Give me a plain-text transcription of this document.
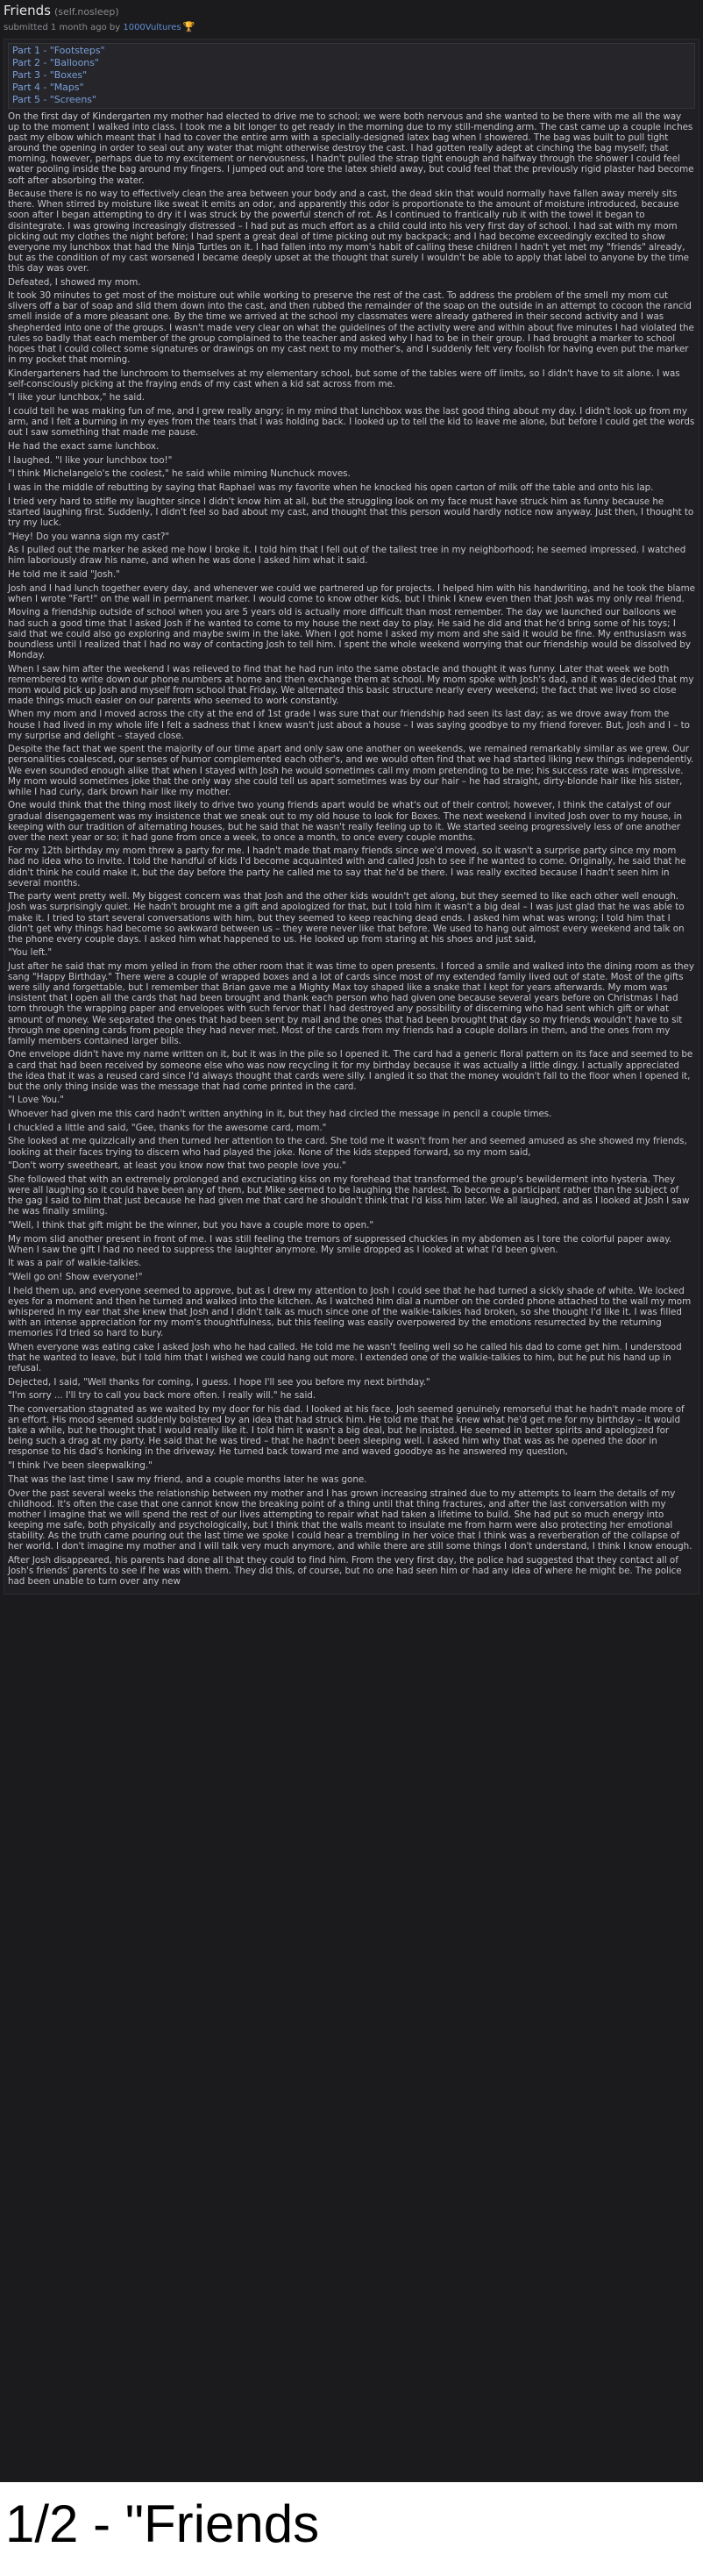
Friends (self.nosleep)
submitted 1 month ago by 1000Vultures 🏆
Part 1 - "Footsteps"
Part 2 - "Balloons"
Part 3 - "Boxes"
Part 4 - "Maps"
Part 5 - "Screens"

On the first day of Kindergarten my mother had elected to drive me to school; we were both nervous and she wanted to be there with me all the way up to the moment I walked into class. I took me a bit longer to get ready in the morning due to my still-mending arm. The cast came up a couple inches past my elbow which meant that I had to cover the entire arm with a specially-designed latex bag when I showered. The bag was built to pull tight around the opening in order to seal out any water that might otherwise destroy the cast. I had gotten really adept at cinching the bag myself; that morning, however, perhaps due to my excitement or nervousness, I hadn't pulled the strap tight enough and halfway through the shower I could feel water pooling inside the bag around my fingers. I jumped out and tore the latex shield away, but could feel that the previously rigid plaster had become soft after absorbing the water.

Because there is no way to effectively clean the area between your body and a cast, the dead skin that would normally have fallen away merely sits there. When stirred by moisture like sweat it emits an odor, and apparently this odor is proportionate to the amount of moisture introduced, because soon after I began attempting to dry it I was struck by the powerful stench of rot. As I continued to frantically rub it with the towel it began to disintegrate. I was growing increasingly distressed – I had put as much effort as a child could into his very first day of school. I had sat with my mom picking out my clothes the night before; I had spent a great deal of time picking out my backpack; and I had become exceedingly excited to show everyone my lunchbox that had the Ninja Turtles on it. I had fallen into my mom's habit of calling these children I hadn't yet met my "friends" already, but as the condition of my cast worsened I became deeply upset at the thought that surely I wouldn't be able to apply that label to anyone by the time this day was over.

Defeated, I showed my mom.

It took 30 minutes to get most of the moisture out while working to preserve the rest of the cast. To address the problem of the smell my mom cut slivers off a bar of soap and slid them down into the cast, and then rubbed the remainder of the soap on the outside in an attempt to cocoon the rancid smell inside of a more pleasant one. By the time we arrived at the school my classmates were already gathered in their second activity and I was shepherded into one of the groups. I wasn't made very clear on what the guidelines of the activity were and within about five minutes I had violated the rules so badly that each member of the group complained to the teacher and asked why I had to be in their group. I had brought a marker to school hopes that I could collect some signatures or drawings on my cast next to my mother's, and I suddenly felt very foolish for having even put the marker in my pocket that morning.

Kindergarteners had the lunchroom to themselves at my elementary school, but some of the tables were off limits, so I didn't have to sit alone. I was self-consciously picking at the fraying ends of my cast when a kid sat across from me.

"I like your lunchbox," he said.

I could tell he was making fun of me, and I grew really angry; in my mind that lunchbox was the last good thing about my day. I didn't look up from my arm, and I felt a burning in my eyes from the tears that I was holding back. I looked up to tell the kid to leave me alone, but before I could get the words out I saw something that made me pause.

He had the exact same lunchbox.

I laughed. "I like your lunchbox too!"

"I think Michelangelo's the coolest," he said while miming Nunchuck moves.

I was in the middle of rebutting by saying that Raphael was my favorite when he knocked his open carton of milk off the table and onto his lap.

I tried very hard to stifle my laughter since I didn't know him at all, but the struggling look on my face must have struck him as funny because he started laughing first. Suddenly, I didn't feel so bad about my cast, and thought that this person would hardly notice now anyway. Just then, I thought to try my luck.

"Hey! Do you wanna sign my cast?"

As I pulled out the marker he asked me how I broke it. I told him that I fell out of the tallest tree in my neighborhood; he seemed impressed. I watched him laboriously draw his name, and when he was done I asked him what it said.

He told me it said "Josh."

Josh and I had lunch together every day, and whenever we could we partnered up for projects. I helped him with his handwriting, and he took the blame when I wrote "Fart!" on the wall in permanent marker. I would come to know other kids, but I think I knew even then that Josh was my only real friend.

Moving a friendship outside of school when you are 5 years old is actually more difficult than most remember. The day we launched our balloons we had such a good time that I asked Josh if he wanted to come to my house the next day to play. He said he did and that he'd bring some of his toys; I said that we could also go exploring and maybe swim in the lake. When I got home I asked my mom and she said it would be fine. My enthusiasm was boundless until I realized that I had no way of contacting Josh to tell him. I spent the whole weekend worrying that our friendship would be dissolved by Monday.

When I saw him after the weekend I was relieved to find that he had run into the same obstacle and thought it was funny. Later that week we both remembered to write down our phone numbers at home and then exchange them at school. My mom spoke with Josh's dad, and it was decided that my mom would pick up Josh and myself from school that Friday. We alternated this basic structure nearly every weekend; the fact that we lived so close made things much easier on our parents who seemed to work constantly.

When my mom and I moved across the city at the end of 1st grade I was sure that our friendship had seen its last day; as we drove away from the house I had lived in my whole life I felt a sadness that I knew wasn't just about a house – I was saying goodbye to my friend forever. But, Josh and I – to my surprise and delight – stayed close.

Despite the fact that we spent the majority of our time apart and only saw one another on weekends, we remained remarkably similar as we grew. Our personalities coalesced, our senses of humor complemented each other's, and we would often find that we had started liking new things independently. We even sounded enough alike that when I stayed with Josh he would sometimes call my mom pretending to be me; his success rate was impressive. My mom would sometimes joke that the only way she could tell us apart sometimes was by our hair – he had straight, dirty-blonde hair like his sister, while I had curly, dark brown hair like my mother.

One would think that the thing most likely to drive two young friends apart would be what's out of their control; however, I think the catalyst of our gradual disengagement was my insistence that we sneak out to my old house to look for Boxes. The next weekend I invited Josh over to my house, in keeping with our tradition of alternating houses, but he said that he wasn't really feeling up to it. We started seeing progressively less of one another over the next year or so; it had gone from once a week, to once a month, to once every couple months.

For my 12th birthday my mom threw a party for me. I hadn't made that many friends since we'd moved, so it wasn't a surprise party since my mom had no idea who to invite. I told the handful of kids I'd become acquainted with and called Josh to see if he wanted to come. Originally, he said that he didn't think he could make it, but the day before the party he called me to say that he'd be there. I was really excited because I hadn't seen him in several months.

The party went pretty well. My biggest concern was that Josh and the other kids wouldn't get along, but they seemed to like each other well enough. Josh was surprisingly quiet. He hadn't brought me a gift and apologized for that, but I told him it wasn't a big deal – I was just glad that he was able to make it. I tried to start several conversations with him, but they seemed to keep reaching dead ends. I asked him what was wrong; I told him that I didn't get why things had become so awkward between us – they were never like that before. We used to hang out almost every weekend and talk on the phone every couple days. I asked him what happened to us. He looked up from staring at his shoes and just said,

"You left."

Just after he said that my mom yelled in from the other room that it was time to open presents. I forced a smile and walked into the dining room as they sang "Happy Birthday." There were a couple of wrapped boxes and a lot of cards since most of my extended family lived out of state. Most of the gifts were silly and forgettable, but I remember that Brian gave me a Mighty Max toy shaped like a snake that I kept for years afterwards. My mom was insistent that I open all the cards that had been brought and thank each person who had given one because several years before on Christmas I had torn through the wrapping paper and envelopes with such fervor that I had destroyed any possibility of discerning who had sent which gift or what amount of money. We separated the ones that had been sent by mail and the ones that had been brought that day so my friends wouldn't have to sit through me opening cards from people they had never met. Most of the cards from my friends had a couple dollars in them, and the ones from my family members contained larger bills.

One envelope didn't have my name written on it, but it was in the pile so I opened it. The card had a generic floral pattern on its face and seemed to be a card that had been received by someone else who was now recycling it for my birthday because it was actually a little dingy. I actually appreciated the idea that it was a reused card since I'd always thought that cards were silly. I angled it so that the money wouldn't fall to the floor when I opened it, but the only thing inside was the message that had come printed in the card.

"I Love You."

Whoever had given me this card hadn't written anything in it, but they had circled the message in pencil a couple times.

I chuckled a little and said, "Gee, thanks for the awesome card, mom."

She looked at me quizzically and then turned her attention to the card. She told me it wasn't from her and seemed amused as she showed my friends, looking at their faces trying to discern who had played the joke. None of the kids stepped forward, so my mom said,

"Don't worry sweetheart, at least you know now that two people love you."

She followed that with an extremely prolonged and excruciating kiss on my forehead that transformed the group's bewilderment into hysteria. They were all laughing so it could have been any of them, but Mike seemed to be laughing the hardest. To become a participant rather than the subject of the gag I said to him that just because he had given me that card he shouldn't think that I'd kiss him later. We all laughed, and as I looked at Josh I saw he was finally smiling.

"Well, I think that gift might be the winner, but you have a couple more to open."

My mom slid another present in front of me. I was still feeling the tremors of suppressed chuckles in my abdomen as I tore the colorful paper away. When I saw the gift I had no need to suppress the laughter anymore. My smile dropped as I looked at what I'd been given.

It was a pair of walkie-talkies.

"Well go on! Show everyone!"

I held them up, and everyone seemed to approve, but as I drew my attention to Josh I could see that he had turned a sickly shade of white. We locked eyes for a moment and then he turned and walked into the kitchen. As I watched him dial a number on the corded phone attached to the wall my mom whispered in my ear that she knew that Josh and I didn't talk as much since one of the walkie-talkies had broken, so she thought I'd like it. I was filled with an intense appreciation for my mom's thoughtfulness, but this feeling was easily overpowered by the emotions resurrected by the returning memories I'd tried so hard to bury.

When everyone was eating cake I asked Josh who he had called. He told me he wasn't feeling well so he called his dad to come get him. I understood that he wanted to leave, but I told him that I wished we could hang out more. I extended one of the walkie-talkies to him, but he put his hand up in refusal.

Dejected, I said, "Well thanks for coming, I guess. I hope I'll see you before my next birthday."

"I'm sorry ... I'll try to call you back more often. I really will." he said.

The conversation stagnated as we waited by my door for his dad. I looked at his face. Josh seemed genuinely remorseful that he hadn't made more of an effort. His mood seemed suddenly bolstered by an idea that had struck him. He told me that he knew what he'd get me for my birthday – it would take a while, but he thought that I would really like it. I told him it wasn't a big deal, but he insisted. He seemed in better spirits and apologized for being such a drag at my party. He said that he was tired – that he hadn't been sleeping well. I asked him why that was as he opened the door in response to his dad's honking in the driveway. He turned back toward me and waved goodbye as he answered my question,

"I think I've been sleepwalking."

That was the last time I saw my friend, and a couple months later he was gone.

Over the past several weeks the relationship between my mother and I has grown increasing strained due to my attempts to learn the details of my childhood. It's often the case that one cannot know the breaking point of a thing until that thing fractures, and after the last conversation with my mother I imagine that we will spend the rest of our lives attempting to repair what had taken a lifetime to build. She had put so much energy into keeping me safe, both physically and psychologically, but I think that the walls meant to insulate me from harm were also protecting her emotional stability. As the truth came pouring out the last time we spoke I could hear a trembling in her voice that I think was a reverberation of the collapse of her world. I don't imagine my mother and I will talk very much anymore, and while there are still some things I don't understand, I think I know enough.

After Josh disappeared, his parents had done all that they could to find him. From the very first day, the police had suggested that they contact all of Josh's friends' parents to see if he was with them. They did this, of course, but no one had seen him or had any idea of where he might be. The police had been unable to turn over any new

1/2 - "Friends
